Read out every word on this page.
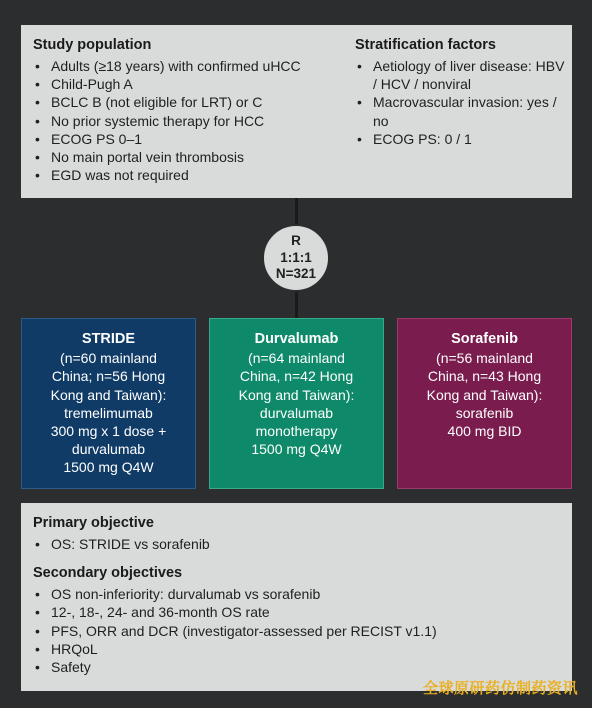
Study population
• Adults (≥18 years) with confirmed uHCC
• Child-Pugh A
• BCLC B (not eligible for LRT) or C
• No prior systemic therapy for HCC
• ECOG PS 0–1
• No main portal vein thrombosis
• EGD was not required
Stratification factors
• Aetiology of liver disease: HBV / HCV / nonviral
• Macrovascular invasion: yes / no
• ECOG PS: 0 / 1
R
1:1:1
N=321
STRIDE
(n=60 mainland
China; n=56 Hong
Kong and Taiwan):
tremelimumab
300 mg x 1 dose +
durvalumab
1500 mg Q4W
Durvalumab
(n=64 mainland
China, n=42 Hong
Kong and Taiwan):
durvalumab
monotherapy
1500 mg Q4W
Sorafenib
(n=56 mainland
China, n=43 Hong
Kong and Taiwan):
sorafenib
400 mg BID
Primary objective
• OS: STRIDE vs sorafenib
Secondary objectives
• OS non-inferiority: durvalumab vs sorafenib
• 12-, 18-, 24- and 36-month OS rate
• PFS, ORR and DCR (investigator-assessed per RECIST v1.1)
• HRQoL
• Safety
全球原研药仿制药资讯
